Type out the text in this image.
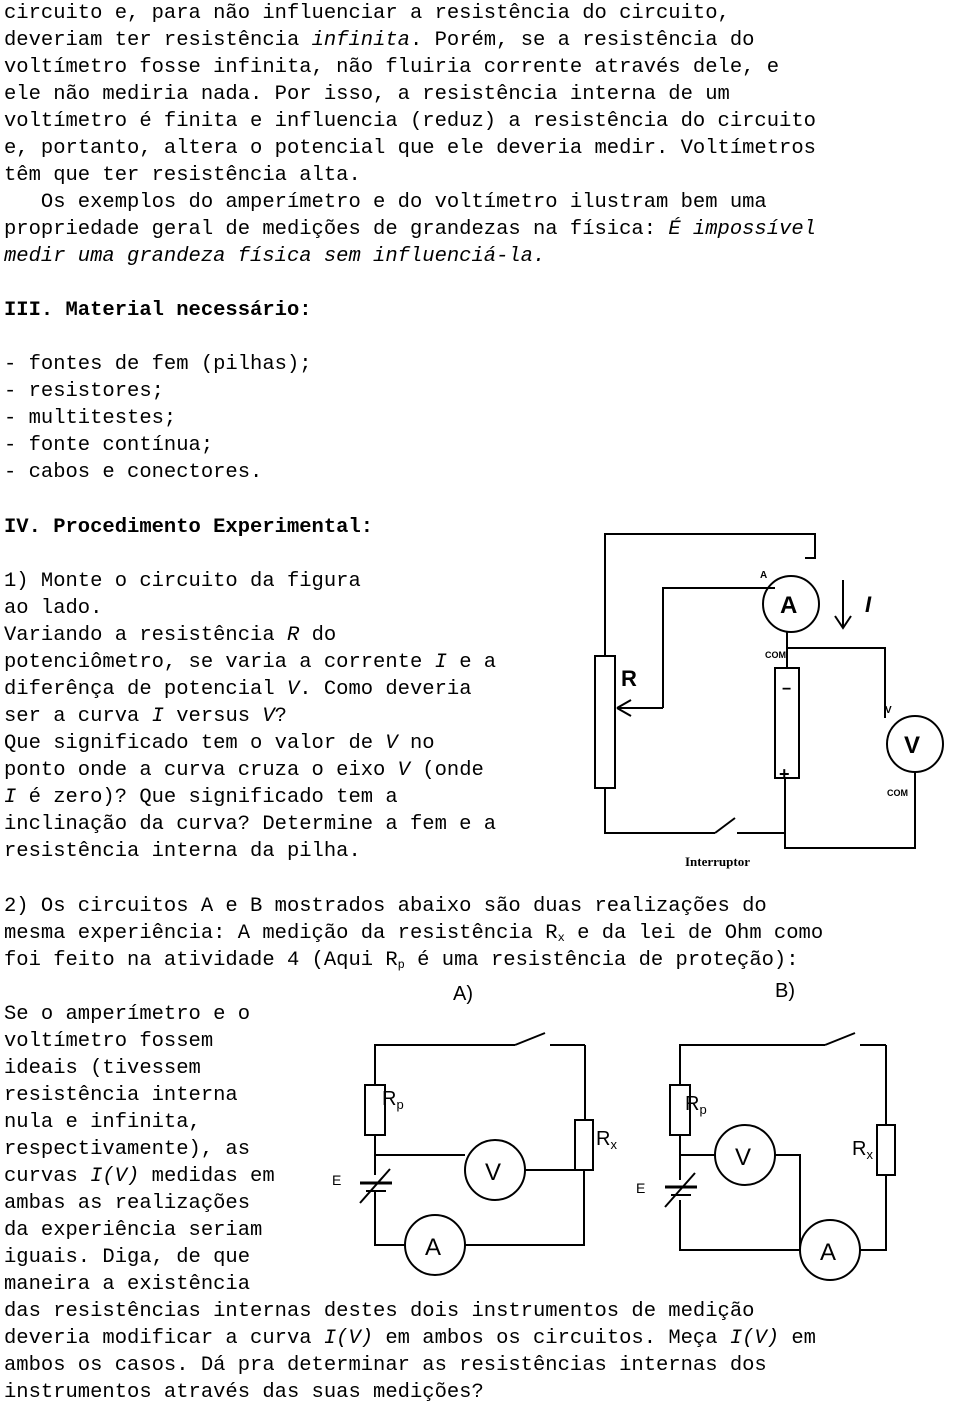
circuito e, para não influenciar a resistência do circuito,
deveriam ter resistência infinita. Porém, se a resistência do
voltímetro fosse infinita, não fluiria corrente através dele, e
ele não mediria nada. Por isso, a resistência interna de um
voltímetro é finita e influencia (reduz) a resistência do circuito
e, portanto, altera o potencial que ele deveria medir. Voltímetros
têm que ter resistência alta.
Os exemplos do amperímetro e do voltímetro ilustram bem uma
propriedade geral de medições de grandezas na física: É impossível
medir uma grandeza física sem influenciá-la.
III. Material necessário:
- fontes de fem (pilhas);
- resistores;
- multitestes;
- fonte contínua;
- cabos e conectores.
IV. Procedimento Experimental:
1) Monte o circuito da figura
ao lado.
Variando a resistência R do
potenciômetro, se varia a corrente I e a
diferênça de potencial V. Como deveria
ser a curva I versus V?
Que significado tem o valor de V no
ponto onde a curva cruza o eixo V (onde
I é zero)? Que significado tem a
inclinação da curva? Determine a fem e a
resistência interna da pilha.
2) Os circuitos A e B mostrados abaixo são duas realizações do
mesma experiência: A medição da resistência $R_x$ e da lei de Ohm como
foi feito na atividade 4 (Aqui $R_p$ é uma resistência de proteção):
Se o amperímetro e o
voltímetro fossem
ideais (tivessem
resistência interna
nula e infinita,
respectivamente), as
curvas I(V) medidas em
ambas as realizações
da experiência seriam
iguais. Diga, de que
maneira a existência
das resistências internas destes dois instrumentos de medição
deveria modificar a curva I(V) em ambos os circuitos. Meça I(V) em
ambos os casos. Dá pra determinar as resistências internas dos
instrumentos através das suas medições?
R
A
A
COM
V
V
COM
I
−
+
Interruptor
A)	B)
$R_p$
$R_x$
V
A
E
$R_p$
$R_x$
V
A
E
